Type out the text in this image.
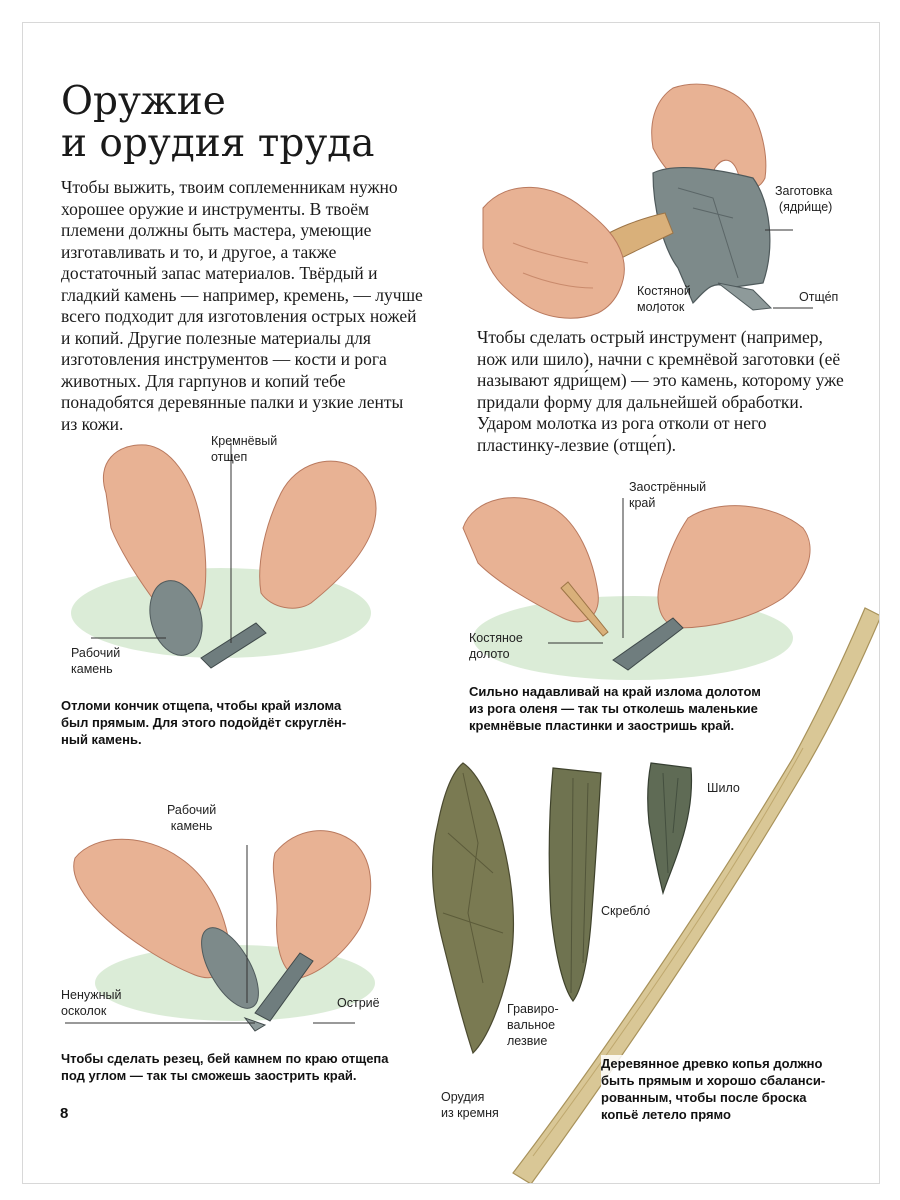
Оружие
и орудия труда

Чтобы выжить, твоим соплеменникам нужно хорошее оружие и инструменты. В твоём племени должны быть мастера, умеющие изготавливать и то, и другое, а также достаточный запас материалов. Твёрдый и гладкий камень — например, кремень, — лучше всего подходит для изготовления острых ножей и копий. Другие полезные материалы для изготовления инструментов — кости и рога животных. Для гарпунов и копий тебе понадобятся деревянные палки и узкие ленты из кожи.

Заготовка
(ядри́ще)
Костяной
молоток
Отще́п

Чтобы сделать острый инструмент (например, нож или шило), начни с кремнёвой заготовки (её называют ядри́щем) — это камень, которому уже придали форму для дальнейшей обработки. Ударом молотка из рога отколи от него пластинку-лезвие (отще́п).

Кремнёвый
отщеп
Рабочий
камень

Отломи кончик отщепа, чтобы край излома
был прямым. Для этого подойдёт скруглён-
ный камень.

Заострённый
край
Костяное
долото

Сильно надавливай на край излома долотом
из рога оленя — так ты отколешь маленькие
кремнёвые пластинки и заостришь край.

Рабочий
камень
Ненужный
осколок
Остриё

Чтобы сделать резец, бей камнем по краю отщепа
под углом — так ты сможешь заострить край.

Шило
Скребло́
Гравиро-
вальное
лезвие
Орудия
из кремня

Деревянное древко копья должно
быть прямым и хорошо сбаланси-
рованным, чтобы после броска
копьё летело прямо

8
